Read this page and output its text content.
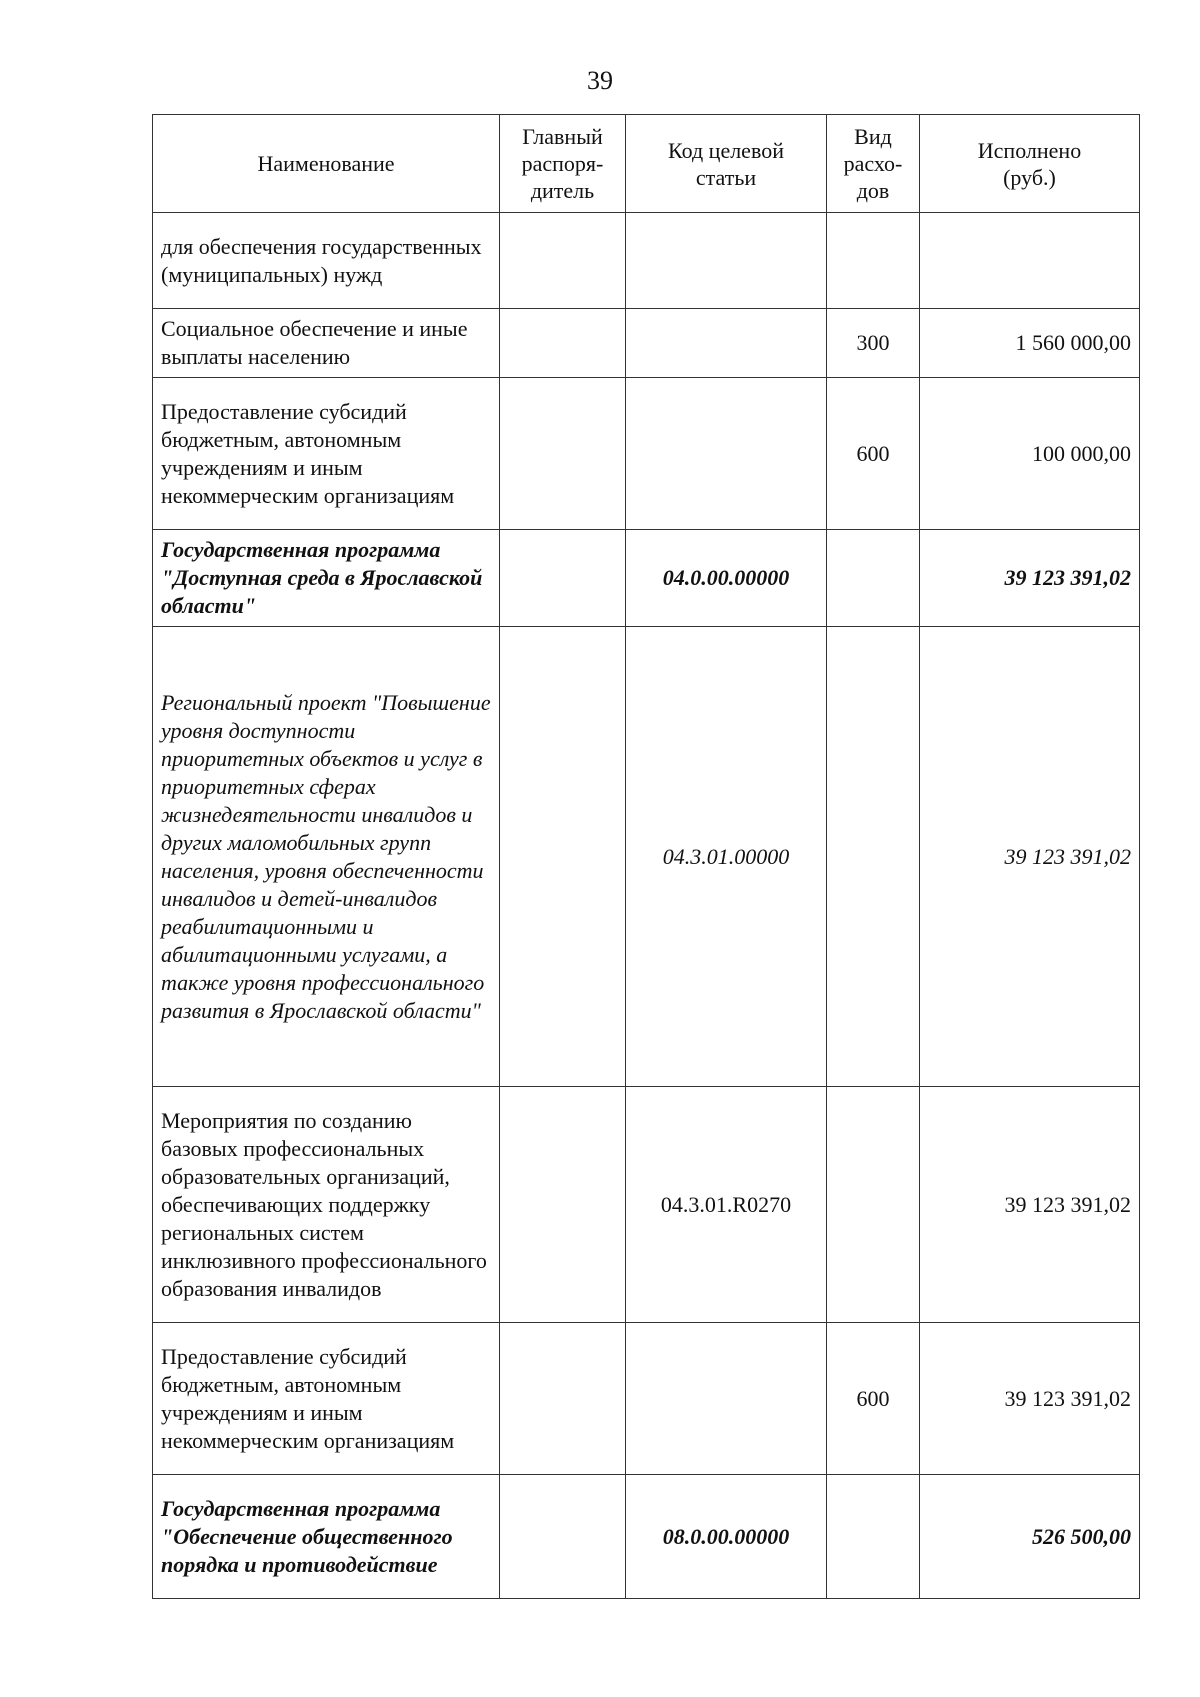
39
Наименование	Главный распоря-дитель	Код целевой статьи	Вид расхо-дов	Исполнено (руб.)
для обеспечения государственных (муниципальных) нужд				
Социальное обеспечение и иные выплаты населению			300	1 560 000,00
Предоставление субсидий бюджетным, автономным учреждениям и иным некоммерческим организациям			600	100 000,00
Государственная программа "Доступная среда в Ярославской области"		04.0.00.00000		39 123 391,02
Региональный проект "Повышение уровня доступности приоритетных объектов и услуг в приоритетных сферах жизнедеятельности инвалидов и других маломобильных групп населения, уровня обеспеченности инвалидов и детей-инвалидов реабилитационными и абилитационными услугами, а также уровня профессионального развития в Ярославской области"		04.3.01.00000		39 123 391,02
Мероприятия по созданию базовых профессиональных образовательных организаций, обеспечивающих поддержку региональных систем инклюзивного профессионального образования инвалидов		04.3.01.R0270		39 123 391,02
Предоставление субсидий бюджетным, автономным учреждениям и иным некоммерческим организациям			600	39 123 391,02
Государственная программа "Обеспечение общественного порядка и противодействие		08.0.00.00000		526 500,00
